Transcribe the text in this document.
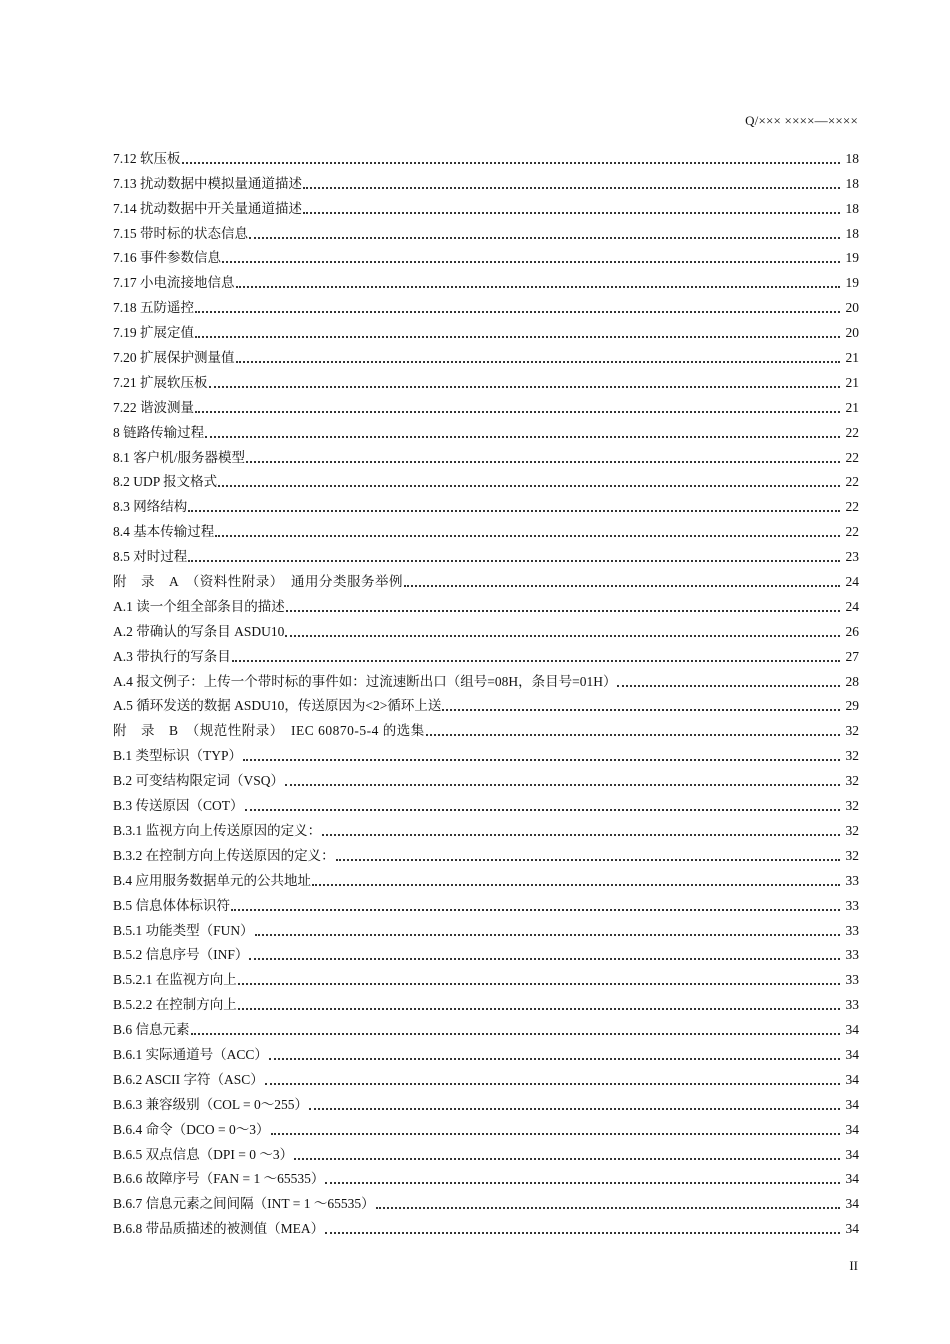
Q/××× ××××—××××
7.12 软压板	18
7.13 扰动数据中模拟量通道描述	18
7.14 扰动数据中开关量通道描述	18
7.15 带时标的状态信息	18
7.16 事件参数信息	19
7.17 小电流接地信息	19
7.18 五防遥控	20
7.19 扩展定值	20
7.20 扩展保护测量值	21
7.21 扩展软压板	21
7.22 谐波测量	21
8 链路传输过程	22
8.1 客户机/服务器模型	22
8.2 UDP 报文格式	22
8.3 网络结构	22
8.4 基本传输过程	22
8.5 对时过程	23
附　录　A　（资料性附录）　通用分类服务举例	24
A.1 读一个组全部条目的描述	24
A.2 带确认的写条目 ASDU10	26
A.3 带执行的写条目	27
A.4 报文例子：上传一个带时标的事件如：过流速断出口（组号=08H，条目号=01H）	28
A.5 循环发送的数据 ASDU10，传送原因为<2>循环上送	29
附　录　B　（规范性附录）　IEC 60870-5-4 的选集	32
B.1 类型标识（TYP）	32
B.2 可变结构限定词（VSQ）	32
B.3 传送原因（COT）	32
B.3.1 监视方向上传送原因的定义：	32
B.3.2 在控制方向上传送原因的定义：	32
B.4 应用服务数据单元的公共地址	33
B.5 信息体体标识符	33
B.5.1 功能类型（FUN）	33
B.5.2 信息序号（INF）	33
B.5.2.1 在监视方向上	33
B.5.2.2 在控制方向上	33
B.6 信息元素	34
B.6.1 实际通道号（ACC）	34
B.6.2 ASCII 字符（ASC）	34
B.6.3 兼容级别（COL = 0～255）	34
B.6.4 命令（DCO = 0～3）	34
B.6.5 双点信息（DPI = 0 ～3）	34
B.6.6 故障序号（FAN = 1 ～65535）	34
B.6.7 信息元素之间间隔（INT = 1 ～65535）	34
B.6.8 带品质描述的被测值（MEA）	34
II
